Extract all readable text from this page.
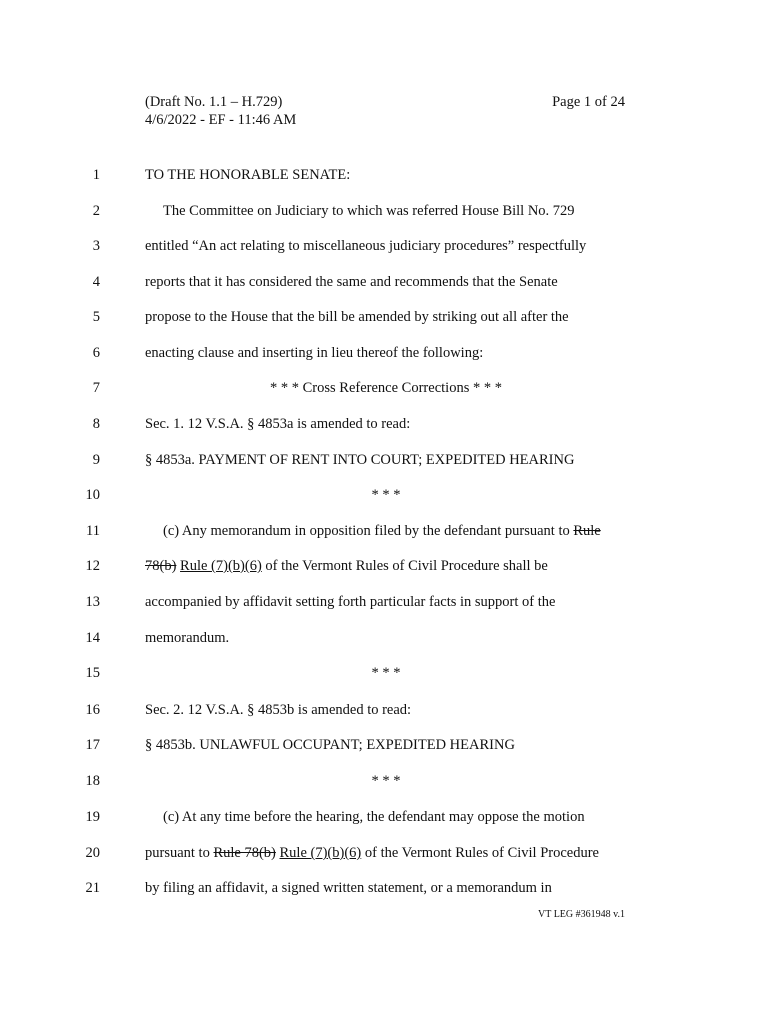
(Draft No. 1.1 – H.729)
4/6/2022 - EF - 11:46 AM
Page 1 of 24
1	TO THE HONORABLE SENATE:
2	The Committee on Judiciary to which was referred House Bill No. 729
3	entitled “An act relating to miscellaneous judiciary procedures” respectfully
4	reports that it has considered the same and recommends that the Senate
5	propose to the House that the bill be amended by striking out all after the
6	enacting clause and inserting in lieu thereof the following:
7	* * * Cross Reference Corrections * * *
8	Sec. 1. 12 V.S.A. § 4853a is amended to read:
9	§ 4853a. PAYMENT OF RENT INTO COURT; EXPEDITED HEARING
10	* * *
11	(c) Any memorandum in opposition filed by the defendant pursuant to Rule
12	78(b) Rule (7)(b)(6) of the Vermont Rules of Civil Procedure shall be
13	accompanied by affidavit setting forth particular facts in support of the
14	memorandum.
15	* * *
16	Sec. 2. 12 V.S.A. § 4853b is amended to read:
17	§ 4853b. UNLAWFUL OCCUPANT; EXPEDITED HEARING
18	* * *
19	(c) At any time before the hearing, the defendant may oppose the motion
20	pursuant to Rule 78(b) Rule (7)(b)(6) of the Vermont Rules of Civil Procedure
21	by filing an affidavit, a signed written statement, or a memorandum in
VT LEG #361948 v.1
